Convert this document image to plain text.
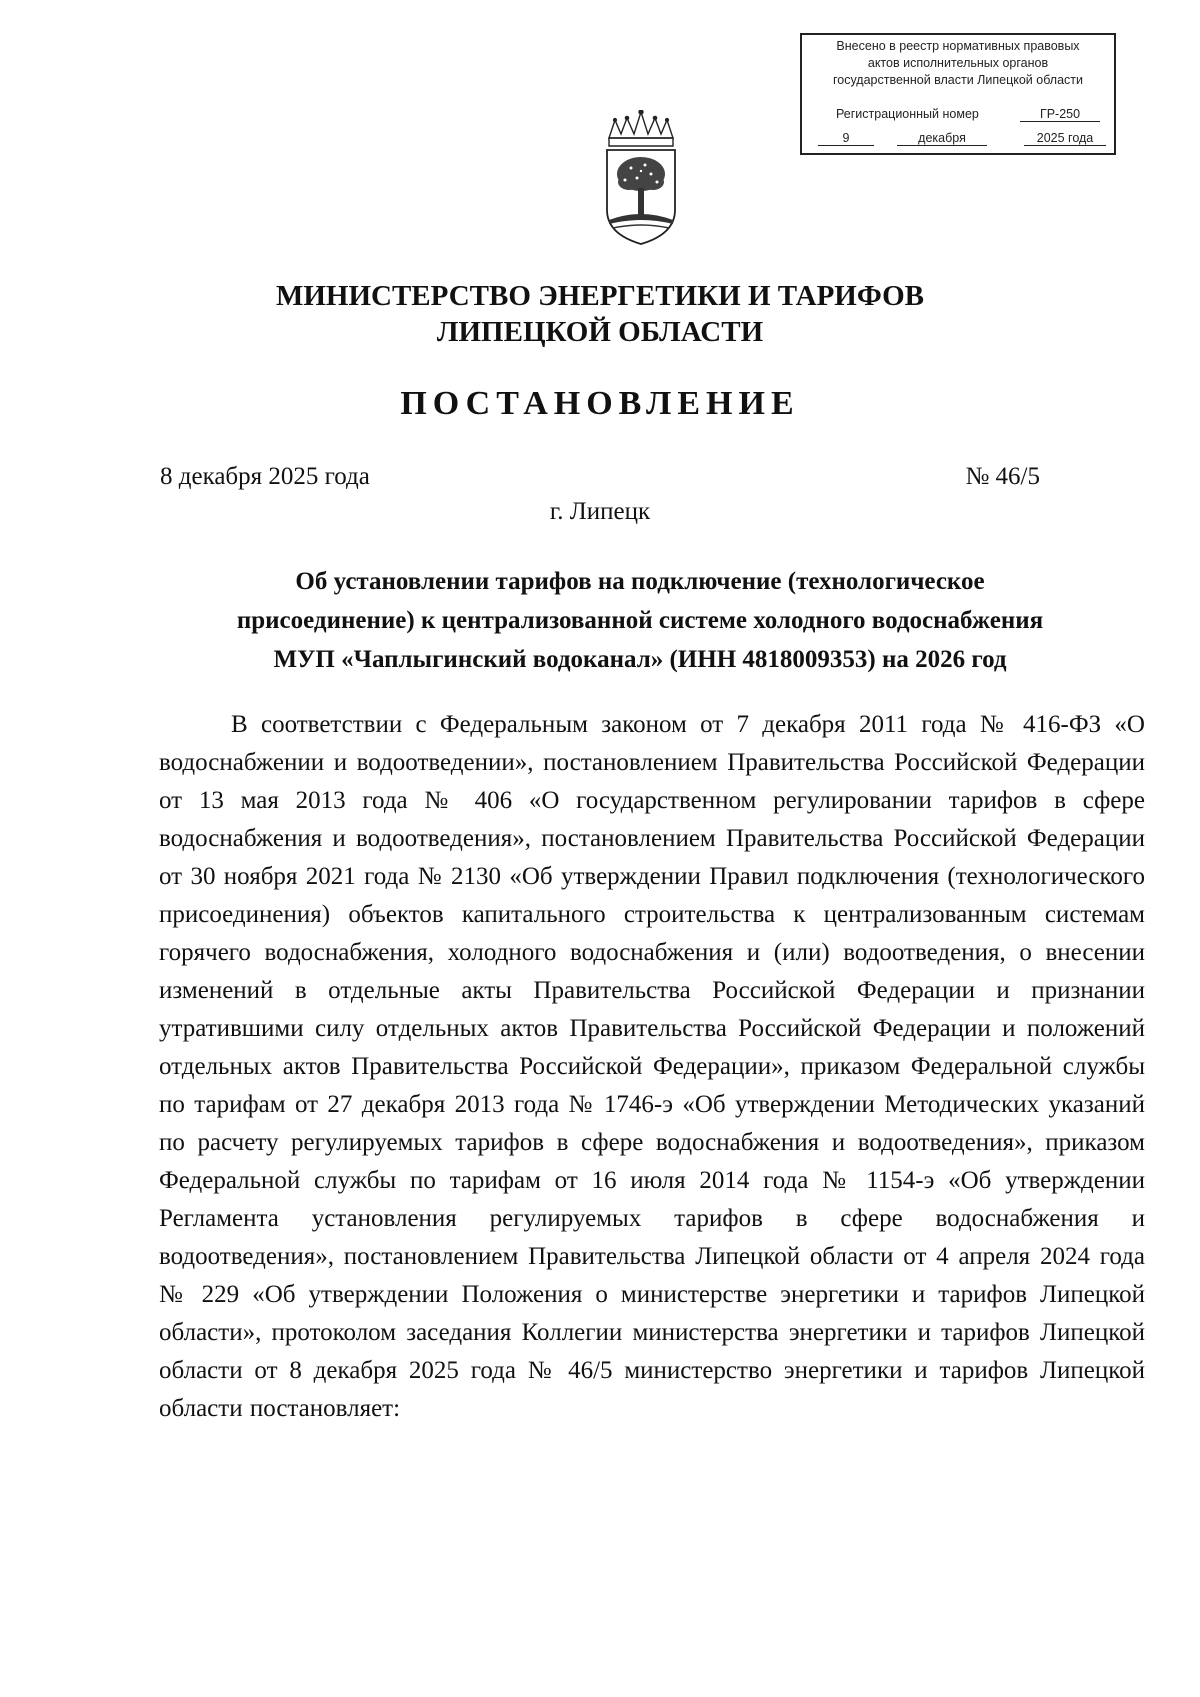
Внесено в реестр нормативных правовых
актов исполнительных органов
государственной власти Липецкой области
Регистрационный номер	ГР-250
9	декабря	2025 года
МИНИСТЕРСТВО ЭНЕРГЕТИКИ И ТАРИФОВ
ЛИПЕЦКОЙ ОБЛАСТИ
ПОСТАНОВЛЕНИЕ
8 декабря 2025 года	№ 46/5
г. Липецк
Об установлении тарифов на подключение (технологическое
присоединение) к централизованной системе холодного водоснабжения
МУП «Чаплыгинский водоканал» (ИНН 4818009353) на 2026 год
В соответствии с Федеральным законом от 7 декабря 2011 года № 416-ФЗ «О водоснабжении и водоотведении», постановлением Правительства Российской Федерации от 13 мая 2013 года № 406 «О государственном регулировании тарифов в сфере водоснабжения и водоотведения», постановлением Правительства Российской Федерации от 30 ноября 2021 года № 2130 «Об утверждении Правил подключения (технологического присоединения) объектов капитального строительства к централизованным системам горячего водоснабжения, холодного водоснабжения и (или) водоотведения, о внесении изменений в отдельные акты Правительства Российской Федерации и признании утратившими силу отдельных актов Правительства Российской Федерации и положений отдельных актов Правительства Российской Федерации», приказом Федеральной службы по тарифам от 27 декабря 2013 года № 1746-э «Об утверждении Методических указаний по расчету регулируемых тарифов в сфере водоснабжения и водоотведения», приказом Федеральной службы по тарифам от 16 июля 2014 года № 1154-э «Об утверждении Регламента установления регулируемых тарифов в сфере водоснабжения и водоотведения», постановлением Правительства Липецкой области от 4 апреля 2024 года № 229 «Об утверждении Положения о министерстве энергетики и тарифов Липецкой области», протоколом заседания Коллегии министерства энергетики и тарифов Липецкой области от 8 декабря 2025 года № 46/5 министерство энергетики и тарифов Липецкой области постановляет:
